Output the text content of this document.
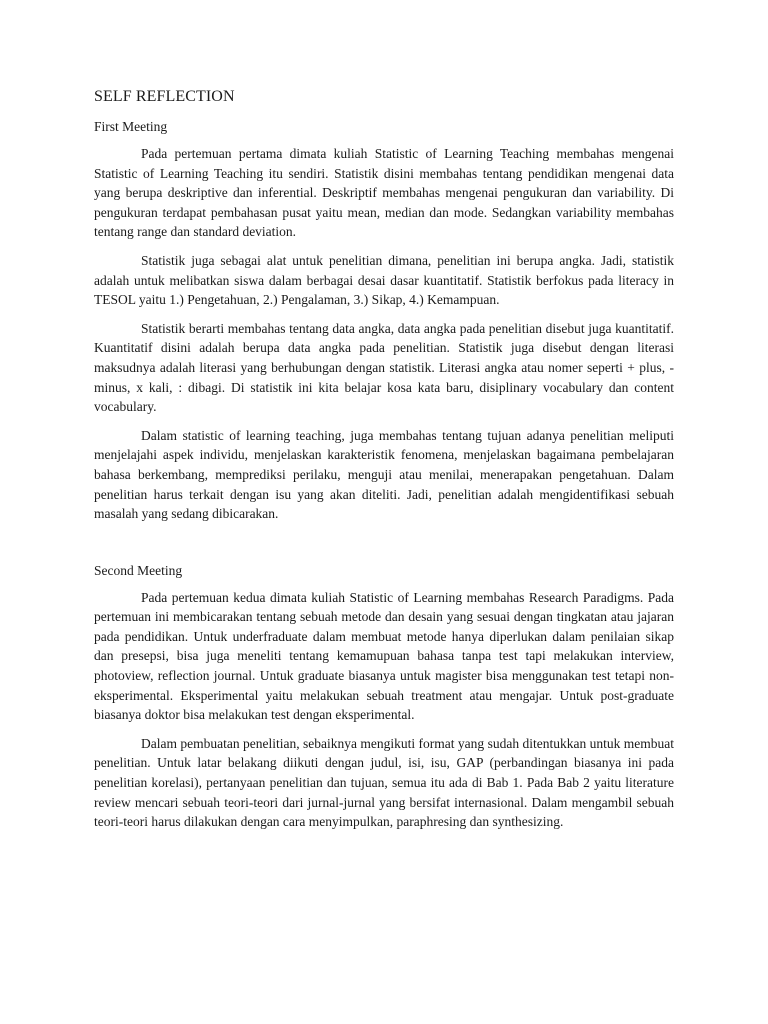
SELF REFLECTION
First Meeting

Pada pertemuan pertama dimata kuliah Statistic of Learning Teaching membahas mengenai Statistic of Learning Teaching itu sendiri. Statistik disini membahas tentang pendidikan mengenai data yang berupa deskriptive dan inferential. Deskriptif membahas mengenai pengukuran dan variability. Di pengukuran terdapat pembahasan pusat yaitu mean, median dan mode. Sedangkan variability membahas tentang range dan standard deviation.

Statistik juga sebagai alat untuk penelitian dimana, penelitian ini berupa angka. Jadi, statistik adalah untuk melibatkan siswa dalam berbagai desai dasar kuantitatif. Statistik berfokus pada literacy in TESOL yaitu 1.) Pengetahuan, 2.) Pengalaman, 3.) Sikap, 4.) Kemampuan.

Statistik berarti membahas tentang data angka, data angka pada penelitian disebut juga kuantitatif. Kuantitatif disini adalah berupa data angka pada penelitian. Statistik juga disebut dengan literasi maksudnya adalah literasi yang berhubungan dengan statistik. Literasi angka atau nomer seperti + plus, - minus, x kali, : dibagi. Di statistik ini kita belajar kosa kata baru, disiplinary vocabulary dan content vocabulary.

Dalam statistic of learning teaching, juga membahas tentang tujuan adanya penelitian meliputi menjelajahi aspek individu, menjelaskan karakteristik fenomena, menjelaskan bagaimana pembelajaran bahasa berkembang, memprediksi perilaku, menguji atau menilai, menerapakan pengetahuan. Dalam penelitian harus terkait dengan isu yang akan diteliti. Jadi, penelitian adalah mengidentifikasi sebuah masalah yang sedang dibicarakan.

Second Meeting

Pada pertemuan kedua dimata kuliah Statistic of Learning membahas Research Paradigms. Pada pertemuan ini membicarakan tentang sebuah metode dan desain yang sesuai dengan tingkatan atau jajaran pada pendidikan. Untuk underfraduate dalam membuat metode hanya diperlukan dalam penilaian sikap dan presepsi, bisa juga meneliti tentang kemamupuan bahasa tanpa test tapi melakukan interview, photoview, reflection journal. Untuk graduate biasanya untuk magister bisa menggunakan test tetapi non-eksperimental. Eksperimental yaitu melakukan sebuah treatment atau mengajar. Untuk post-graduate biasanya doktor bisa melakukan test dengan eksperimental.

Dalam pembuatan penelitian, sebaiknya mengikuti format yang sudah ditentukkan untuk membuat penelitian. Untuk latar belakang diikuti dengan judul, isi, isu, GAP (perbandingan biasanya ini pada penelitian korelasi), pertanyaan penelitian dan tujuan, semua itu ada di Bab 1. Pada Bab 2 yaitu literature review mencari sebuah teori-teori dari jurnal-jurnal yang bersifat internasional. Dalam mengambil sebuah teori-teori harus dilakukan dengan cara menyimpulkan, paraphresing dan synthesizing.
